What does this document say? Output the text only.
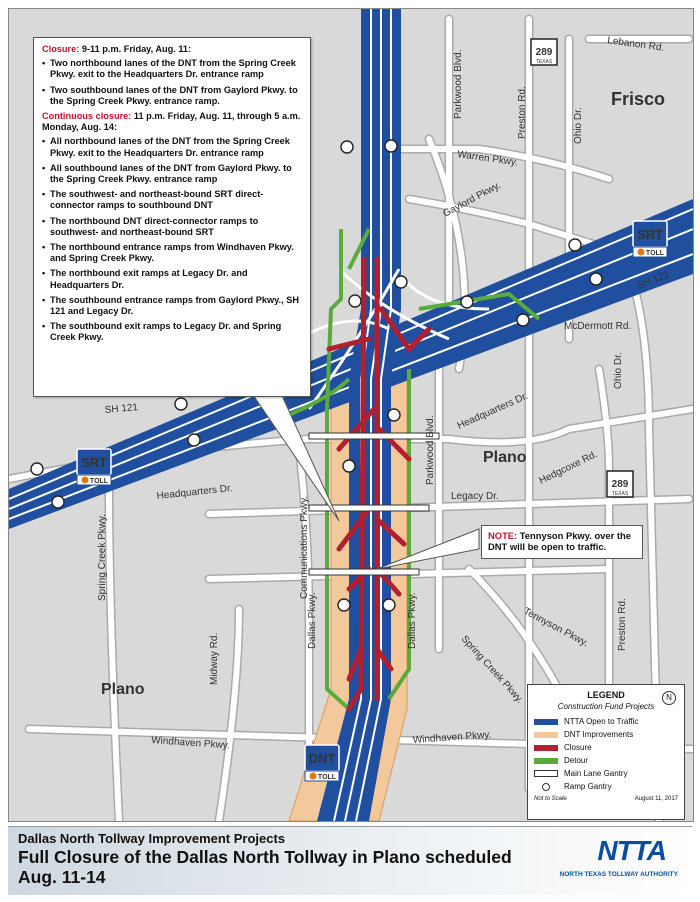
SRT
TOLL
SRT
TOLL
DNT
TOLL
289
TEXAS
289
TEXAS
Lebanon Rd.
Parkwood Blvd.	Preston Rd.	Ohio Dr.
Frisco
Warren Pkwy.
Gaylord Pkwy.
SH 121
McDermott Rd.
Ohio Dr.
SH 121	Headquarters Dr.
Plano Hedgcoxe Rd.
Headquarters Dr.
Parkwood Blvd.
Legacy Dr.
Communications Pkwy.
Spring Creek Pkwy.
Dallas Pkwy.	Dallas Pkwy.	Tennyson Pkwy.	Preston Rd.
Spring Creek Pkwy.
Midway Rd.
Plano
Windhaven Pkwy.	Windhaven Pkwy.
Closure: 9-11 p.m. Friday, Aug. 11:
• Two northbound lanes of the DNT from the Spring Creek Pkwy. exit to the Headquarters Dr. entrance ramp
• Two southbound lanes of the DNT from Gaylord Pkwy. to the Spring Creek Pkwy. entrance ramp.
Continuous closure: 11 p.m. Friday, Aug. 11, through 5 a.m. Monday, Aug. 14:
• All northbound lanes of the DNT from the Spring Creek Pkwy. exit to the Headquarters Dr. entrance ramp
• All southbound lanes of the DNT from Gaylord Pkwy. to the Spring Creek Pkwy. entrance ramp
• The southwest- and northeast-bound SRT direct-connector ramps to southbound DNT
• The northbound DNT direct-connector ramps to southwest- and northeast-bound SRT
• The northbound entrance ramps from Windhaven Pkwy. and Spring Creek Pkwy.
• The northbound exit ramps at Legacy Dr. and Headquarters Dr.
• The southbound entrance ramps from Gaylord Pkwy., SH 121 and Legacy Dr.
• The southbound exit ramps to Legacy Dr. and Spring Creek Pkwy.
NOTE: Tennyson Pkwy. over the DNT will be open to traffic.
N
LEGEND
Construction Fund Projects
NTTA Open to Traffic
DNT Improvements
Closure
Detour
Main Lane Gantry
Ramp Gantry
Not to Scale	August 11, 2017
Dallas North Tollway Improvement Projects
Full Closure of the Dallas North Tollway in Plano scheduled
Aug. 11-14
NTTA
NORTH TEXAS TOLLWAY AUTHORITY
